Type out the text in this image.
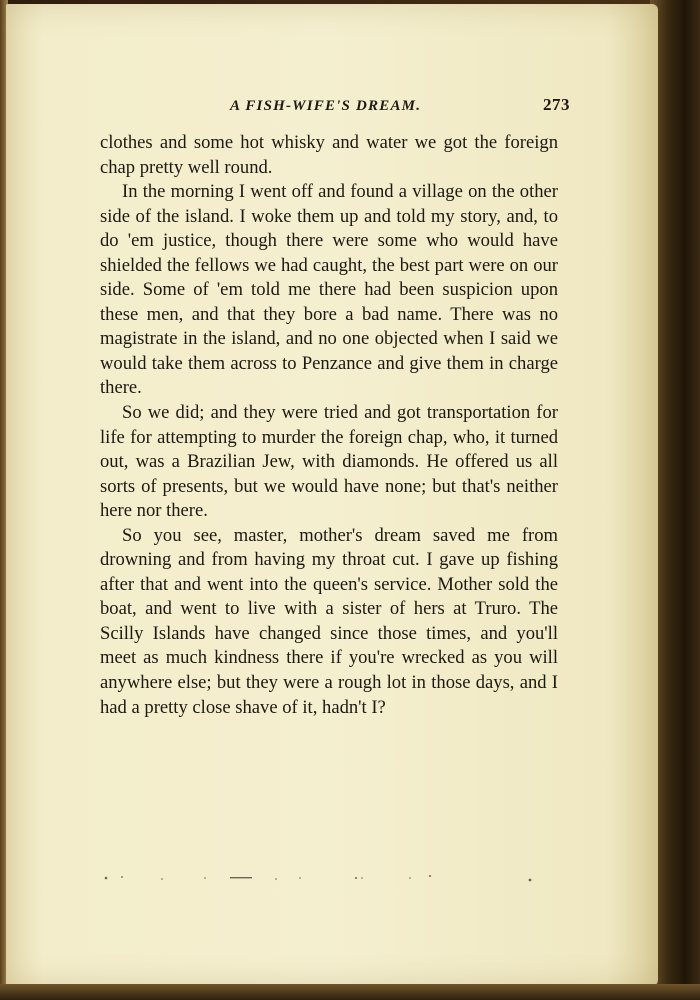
A FISH-WIFE'S DREAM.	273

clothes and some hot whisky and water we got the foreign chap pretty well round.

In the morning I went off and found a village on the other side of the island. I woke them up and told my story, and, to do 'em justice, though there were some who would have shielded the fellows we had caught, the best part were on our side. Some of 'em told me there had been suspicion upon these men, and that they bore a bad name. There was no magistrate in the island, and no one objected when I said we would take them across to Penzance and give them in charge there.

So we did; and they were tried and got transportation for life for attempting to murder the foreign chap, who, it turned out, was a Brazilian Jew, with diamonds. He offered us all sorts of presents, but we would have none; but that's neither here nor there.

So you see, master, mother's dream saved me from drowning and from having my throat cut. I gave up fishing after that and went into the queen's service. Mother sold the boat, and went to live with a sister of hers at Truro. The Scilly Islands have changed since those times, and you'll meet as much kindness there if you're wrecked as you will anywhere else; but they were a rough lot in those days, and I had a pretty close shave of it, hadn't I?
